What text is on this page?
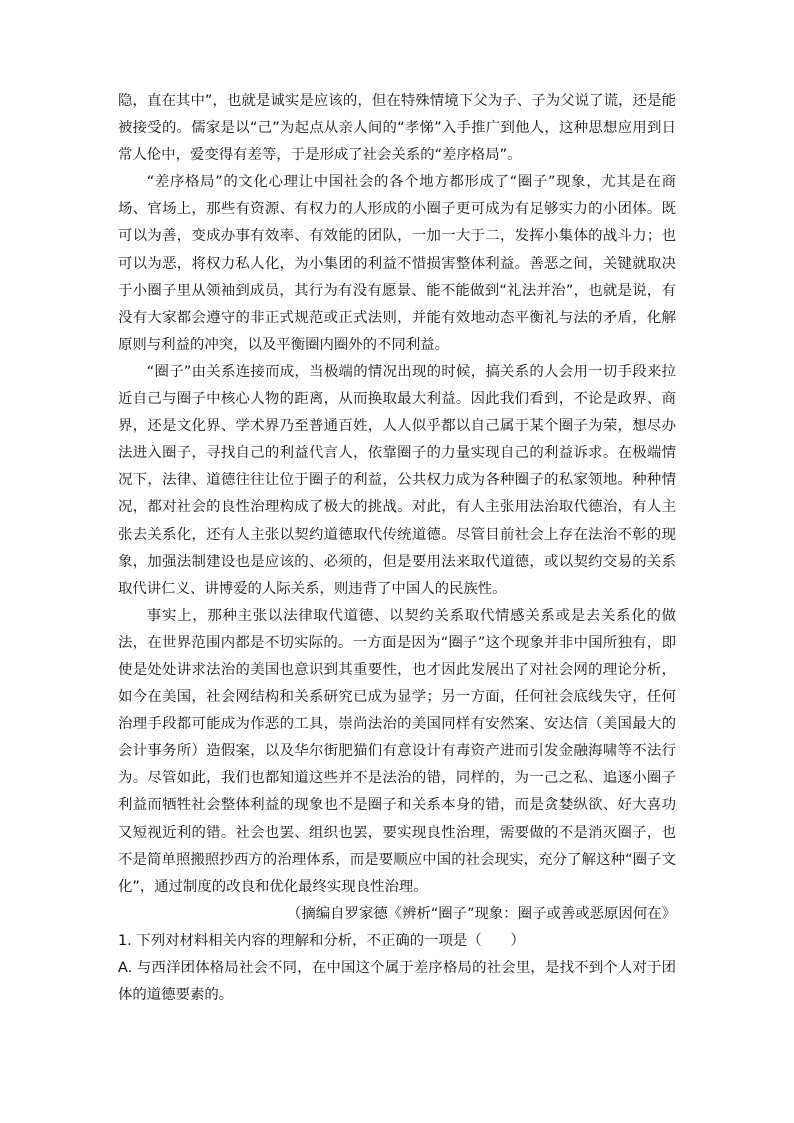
隐，直在其中”，也就是诚实是应该的，但在特殊情境下父为子、子为父说了谎，还是能被接受的。儒家是以“己”为起点从亲人间的“孝悌”入手推广到他人，这种思想应用到日常人伦中，爱变得有差等，于是形成了社会关系的“差序格局”。

“差序格局”的文化心理让中国社会的各个地方都形成了“圈子”现象，尤其是在商场、官场上，那些有资源、有权力的人形成的小圈子更可成为有足够实力的小团体。既可以为善，变成办事有效率、有效能的团队，一加一大于二，发挥小集体的战斗力；也可以为恶，将权力私人化，为小集团的利益不惜损害整体利益。善恶之间，关键就取决于小圈子里从领袖到成员，其行为有没有愿景、能不能做到“礼法并治”，也就是说，有没有大家都会遵守的非正式规范或正式法则，并能有效地动态平衡礼与法的矛盾，化解原则与利益的冲突，以及平衡圈内圈外的不同利益。

“圈子”由关系连接而成，当极端的情况出现的时候，搞关系的人会用一切手段来拉近自己与圈子中核心人物的距离，从而换取最大利益。因此我们看到，不论是政界、商界，还是文化界、学术界乃至普通百姓，人人似乎都以自己属于某个圈子为荣，想尽办法进入圈子，寻找自己的利益代言人，依靠圈子的力量实现自己的利益诉求。在极端情况下，法律、道德往往让位于圈子的利益，公共权力成为各种圈子的私家领地。种种情况，都对社会的良性治理构成了极大的挑战。对此，有人主张用法治取代德治，有人主张去关系化，还有人主张以契约道德取代传统道德。尽管目前社会上存在法治不彰的现象，加强法制建设也是应该的、必须的，但是要用法来取代道德，或以契约交易的关系取代讲仁义、讲博爱的人际关系，则违背了中国人的民族性。

事实上，那种主张以法律取代道德、以契约关系取代情感关系或是去关系化的做法，在世界范围内都是不切实际的。一方面是因为“圈子”这个现象并非中国所独有，即使是处处讲求法治的美国也意识到其重要性，也才因此发展出了对社会网的理论分析，如今在美国，社会网结构和关系研究已成为显学；另一方面，任何社会底线失守，任何治理手段都可能成为作恶的工具，崇尚法治的美国同样有安然案、安达信（美国最大的会计事务所）造假案，以及华尔街肥猫们有意设计有毒资产进而引发金融海啸等不法行为。尽管如此，我们也都知道这些并不是法治的错，同样的，为一己之私、追逐小圈子利益而牺牲社会整体利益的现象也不是圈子和关系本身的错，而是贪婪纵欲、好大喜功又短视近利的错。社会也罢、组织也罢，要实现良性治理，需要做的不是消灭圈子，也不是简单照搬照抄西方的治理体系，而是要顺应中国的社会现实，充分了解这种“圈子文化”，通过制度的改良和优化最终实现良性治理。

（摘编自罗家德《辨析“圈子”现象：圈子或善或恶原因何在》

1. 下列对材料相关内容的理解和分析，不正确的一项是（　　）

A. 与西洋团体格局社会不同，在中国这个属于差序格局的社会里，是找不到个人对于团体的道德要素的。
